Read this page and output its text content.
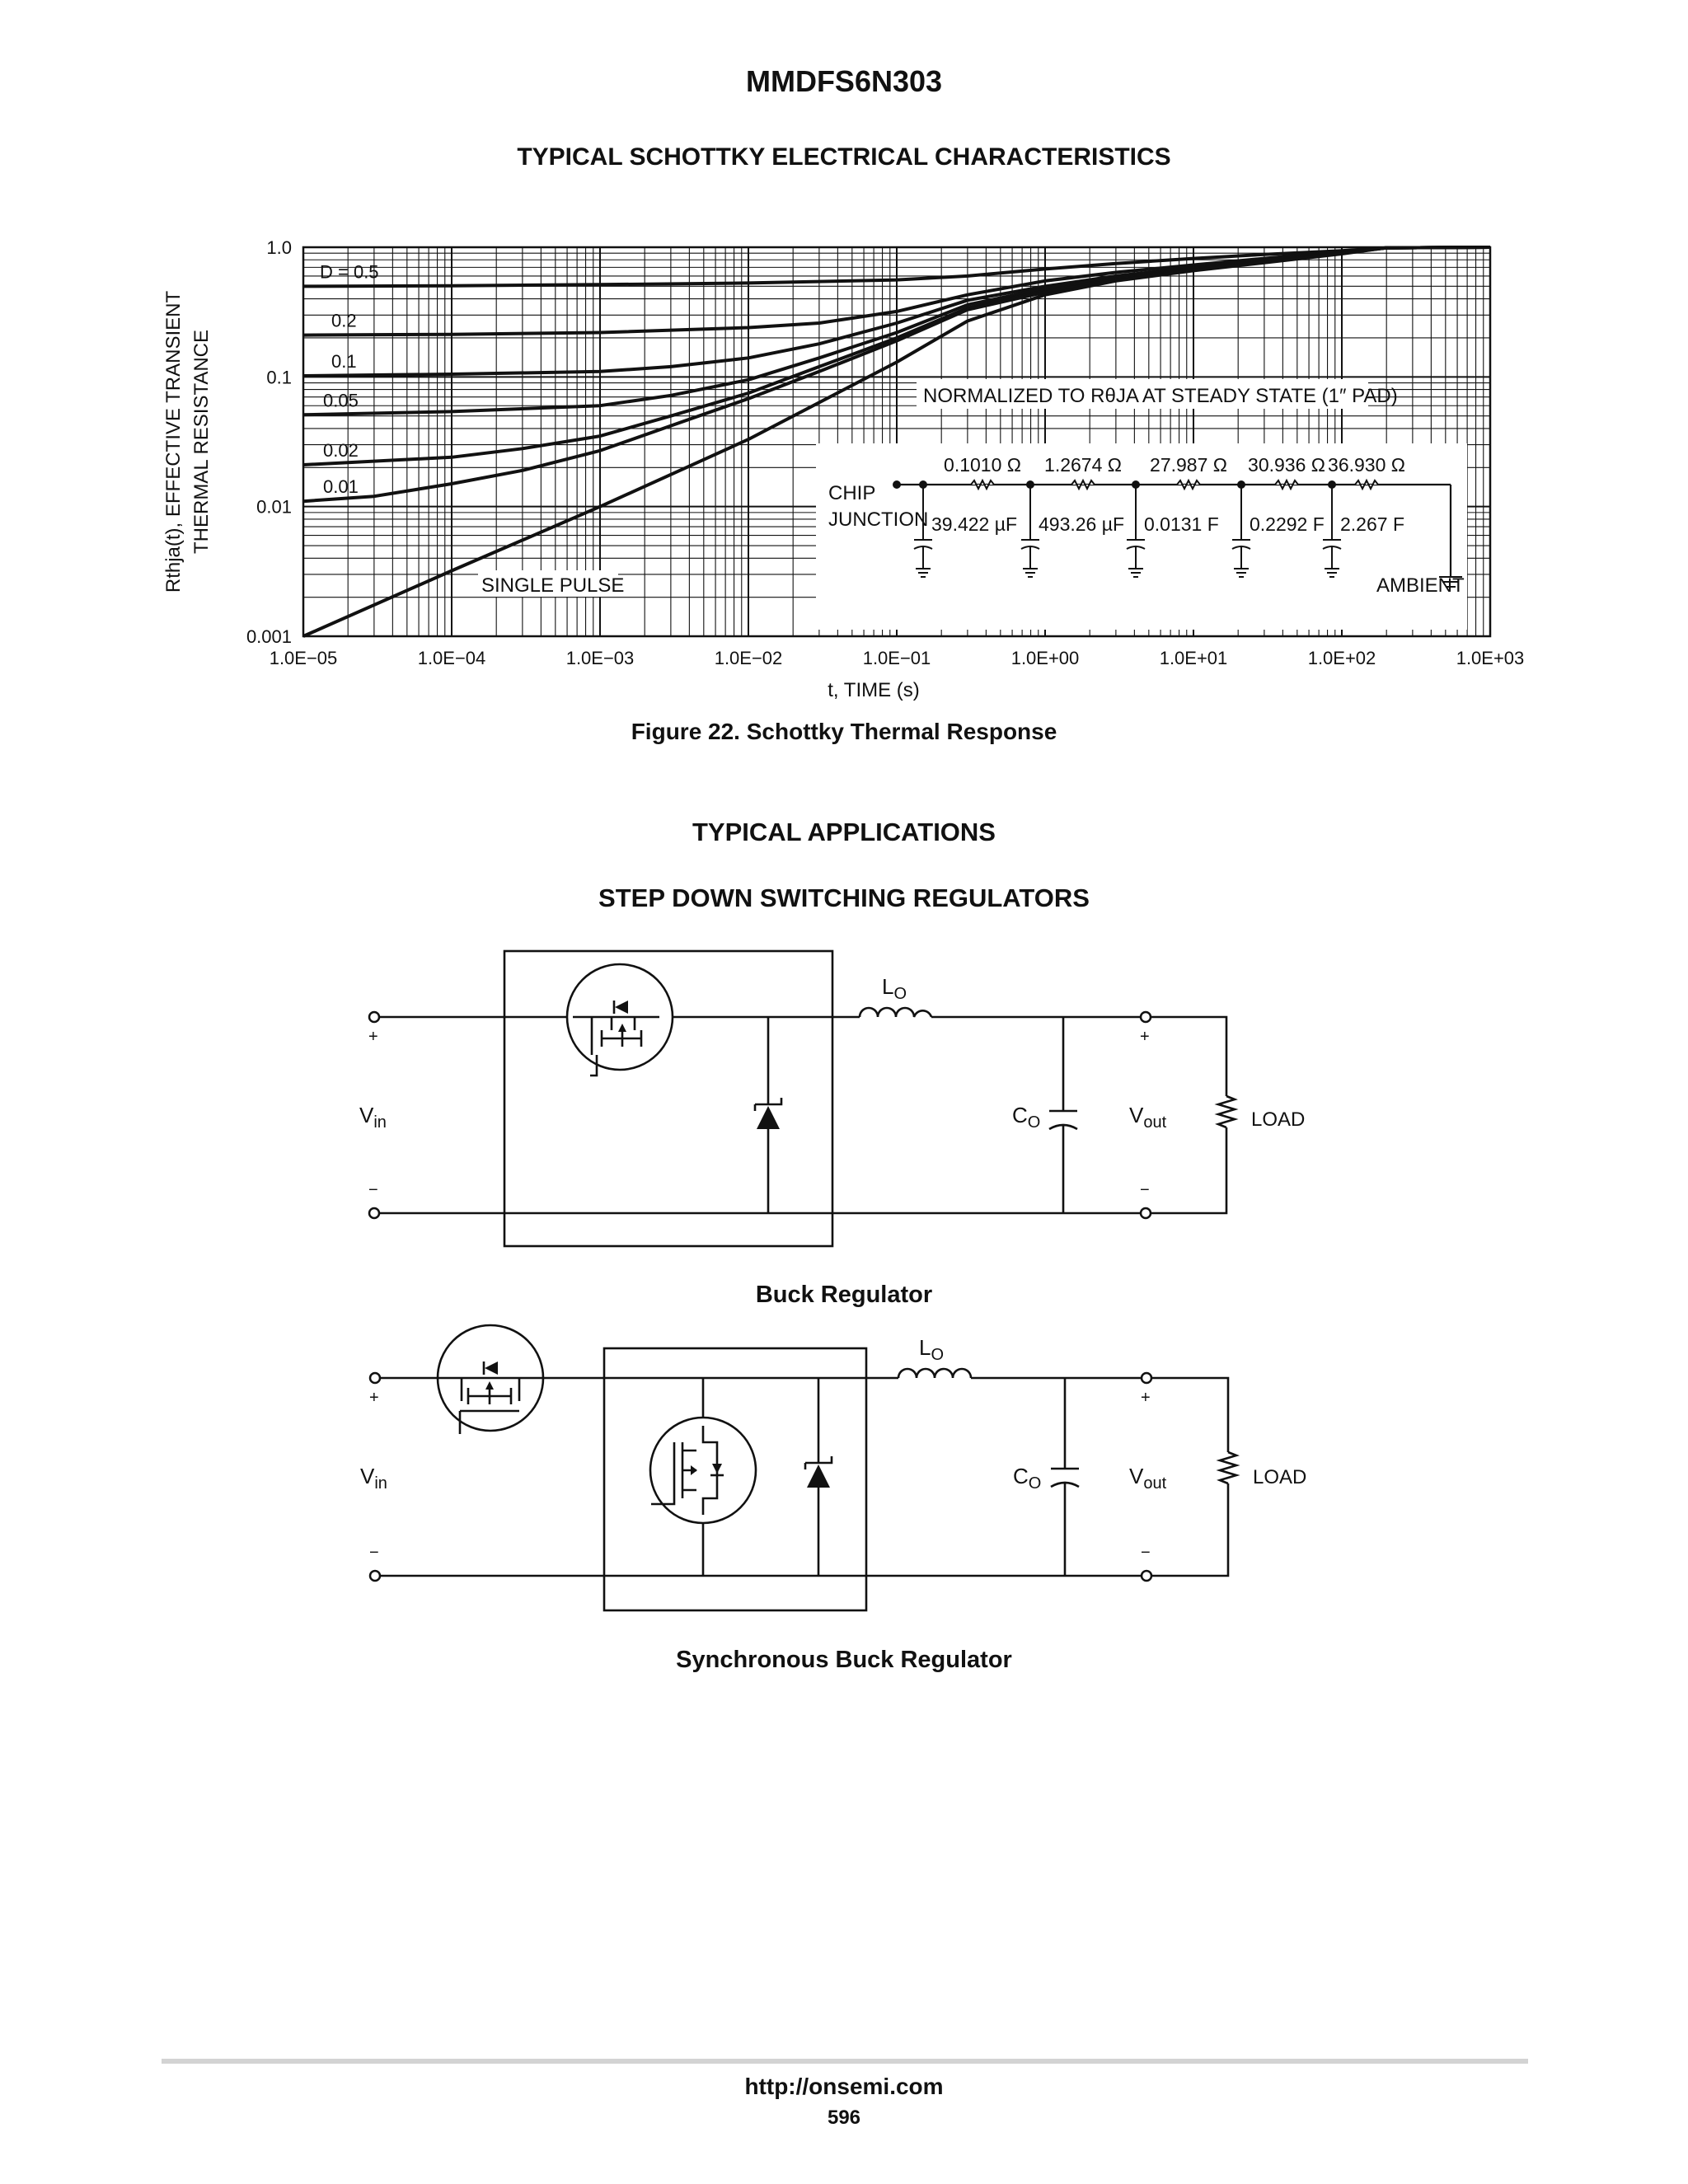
MMDFS6N303
TYPICAL SCHOTTKY ELECTRICAL CHARACTERISTICS
0.001
0.01
0.1
1.0
1.0E−05	1.0E−04	1.0E−03	1.0E−02	1.0E−01	1.0E+00	1.0E+01	1.0E+02	1.0E+03
D = 0.5
0.2
0.1
0.05
0.02
0.01
NORMALIZED TO RθJA AT STEADY STATE (1″ PAD)
SINGLE PULSE
CHIP
JUNCTION
AMBIENT
0.1010 Ω
39.422 µF
1.2674 Ω
493.26 µF
27.987 Ω
0.0131 F
30.936 Ω
0.2292 F
36.930 Ω
2.267 F
t, TIME (s)
Rthja(t), EFFECTIVE TRANSIENT THERMAL RESISTANCE
Figure 22. Schottky Thermal Response
TYPICAL APPLICATIONS
STEP DOWN SWITCHING REGULATORS
+
−
+
−
$V_{in}$	$V_{out}$
$C_O$
$L_O$
LOAD
Buck Regulator
+
−
+
−
$V_{in}$	$V_{out}$
$C_O$
$L_O$
LOAD
Synchronous Buck Regulator
http://onsemi.com
596
